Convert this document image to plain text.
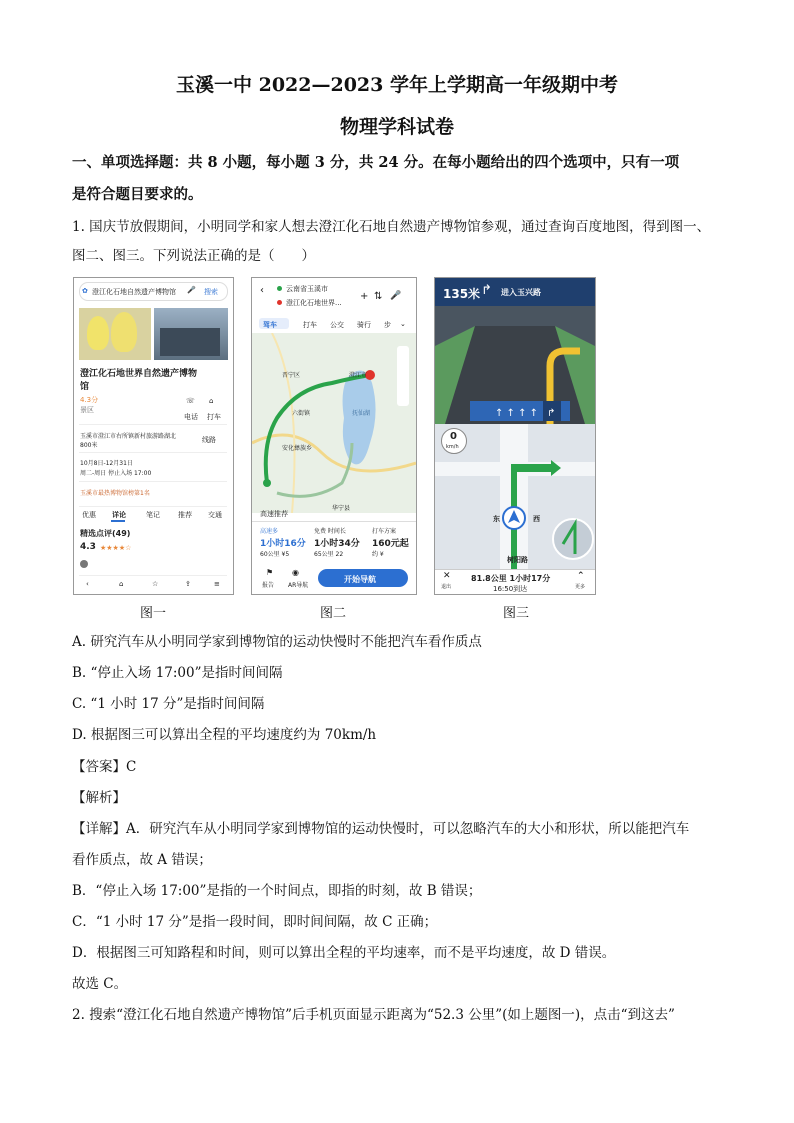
玉溪一中 2022—2023 学年上学期高一年级期中考
物理学科试卷
一、单项选择题：共 8 小题，每小题 3 分，共 24 分。在每小题给出的四个选项中，只有一项
是符合题目要求的。
1. 国庆节放假期间，小明同学和家人想去澄江化石地自然遗产博物馆参观，通过查询百度地图，得到图一、
图二、图三。下列说法正确的是（　　）
✿ 澄江化石地自然遗产博物馆 🎤 搜索
澄江化石地世界自然遗产博物
馆
4.3分
景区
☏ ⌂
电话 打车
玉溪市澄江市右所镇新村旅游路湖北
800米
线路
10月8日-12月31日
周二-周日 停止入场 17:00
玉溪市最热博物馆榜第1名
优惠 详论	笔记	推荐 交通
精选点评(49)
4.3 ★★★★☆
‹	⌂	☆	⇪	≡
‹	云南省玉溪市
澄江化石地世界...
+ ⇅ 🎤
驾车	打车 公交 骑行 步 ⌄
晋宁区
六街镇
澄江市
安化彝族乡
华宁县
抚仙湖
高速推荐
高速多
1小时16分
60公里 ¥5
免费 时间长
1小时34分
65公里 22
打车方案
160元起
约 ¥
⚑ ◉
报告 AR导航
开始导航
135米 ↱ 进入玉兴路
↑ ↑ ↑ ↑ ↱
0
km/h
东	西
树阳路
✕
退出
81.8公里 1小时17分
16:50到达
⌃
更多
图一	图二	图三
A. 研究汽车从小明同学家到博物馆的运动快慢时不能把汽车看作质点
B. “停止入场 17:00”是指时间间隔
C. “1 小时 17 分”是指时间间隔
D. 根据图三可以算出全程的平均速度约为 70km/h
【答案】C
【解析】
【详解】A．研究汽车从小明同学家到博物馆的运动快慢时，可以忽略汽车的大小和形状，所以能把汽车
看作质点，故 A 错误；
B．“停止入场 17:00”是指的一个时间点，即指的时刻，故 B 错误；
C．“1 小时 17 分”是指一段时间，即时间间隔，故 C 正确；
D．根据图三可知路程和时间，则可以算出全程的平均速率，而不是平均速度，故 D 错误。
故选 C。
2. 搜索“澄江化石地自然遗产博物馆”后手机页面显示距离为“52.3 公里”(如上题图一)，点击“到这去”
